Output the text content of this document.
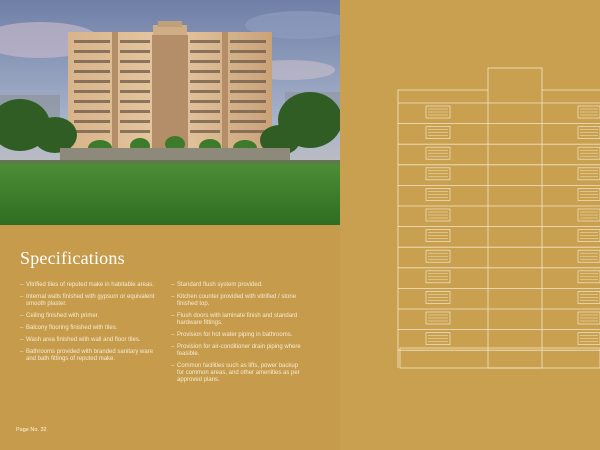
Specifications
– Vitrified tiles of reputed make in habitable areas.
– Internal walls finished with gypsum or equivalent smooth plaster.
– Ceiling finished with primer.
– Balcony flooring finished with tiles.
– Wash area finished with wall and floor tiles.
– Bathrooms provided with branded sanitary ware and bath fittings of reputed make.
– Standard flush system provided.
– Kitchen counter provided with vitrified / stone finished top.
– Flush doors with laminate finish and standard hardware fittings.
– Provision for hot water piping in bathrooms.
– Provision for air-conditioner drain piping where feasible.
– Common facilities such as lifts, power backup for common areas, and other amenities as per approved plans.
Page No. 32
